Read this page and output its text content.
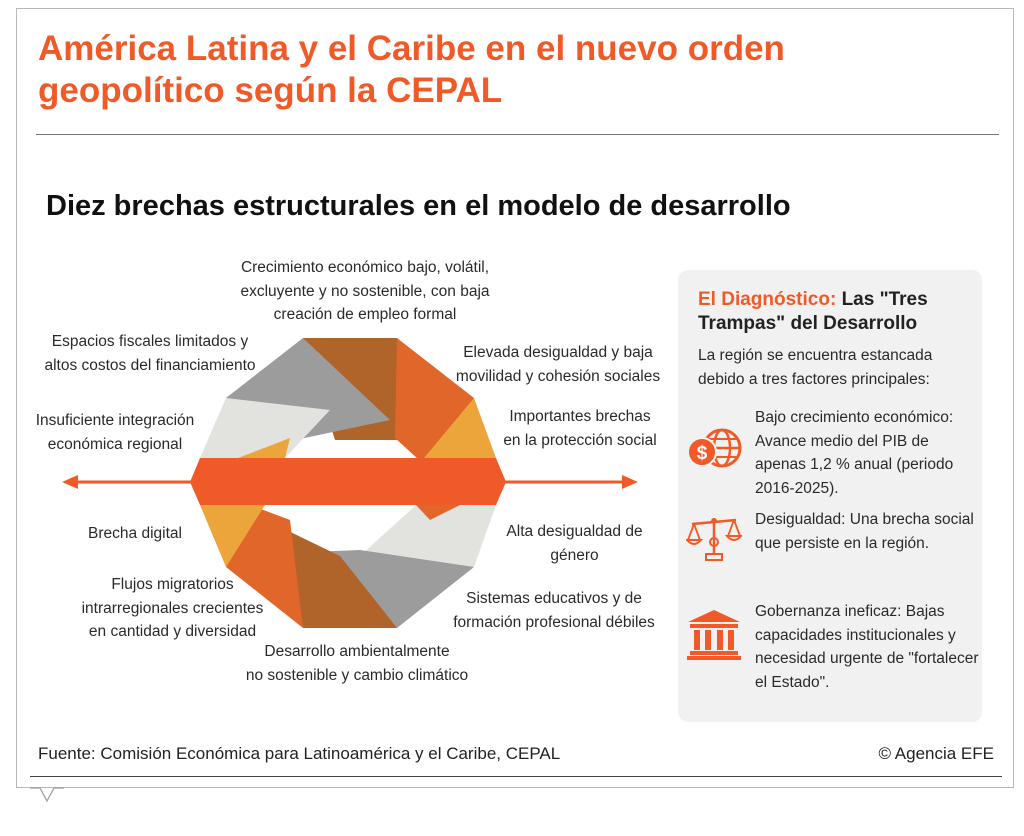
América Latina y el Caribe en el nuevo orden
geopolítico según la CEPAL
Diez brechas estructurales en el modelo de desarrollo
Crecimiento económico bajo, volátil,
excluyente y no sostenible, con baja
creación de empleo formal
Espacios fiscales limitados y
altos costos del financiamiento
Insuficiente integración
económica regional
Brecha digital
Flujos migratorios
intrarregionales crecientes
en cantidad y diversidad
Desarrollo ambientalmente
no sostenible y cambio climático
Elevada desigualdad y baja
movilidad y cohesión sociales
Importantes brechas
en la protección social
Alta desigualdad de
género
Sistemas educativos y de
formación profesional débiles
El Diagnóstico: Las "Tres Trampas" del Desarrollo
La región se encuentra estancada debido a tres factores principales:
$
Bajo crecimiento económico: Avance medio del PIB de apenas 1,2 % anual (periodo 2016-2025).
Desigualdad: Una brecha social que persiste en la región.
Gobernanza ineficaz: Bajas capacidades institucionales y necesidad urgente de "fortalecer el Estado".
Fuente: Comisión Económica para Latinoamérica y el Caribe, CEPAL	© Agencia EFE
